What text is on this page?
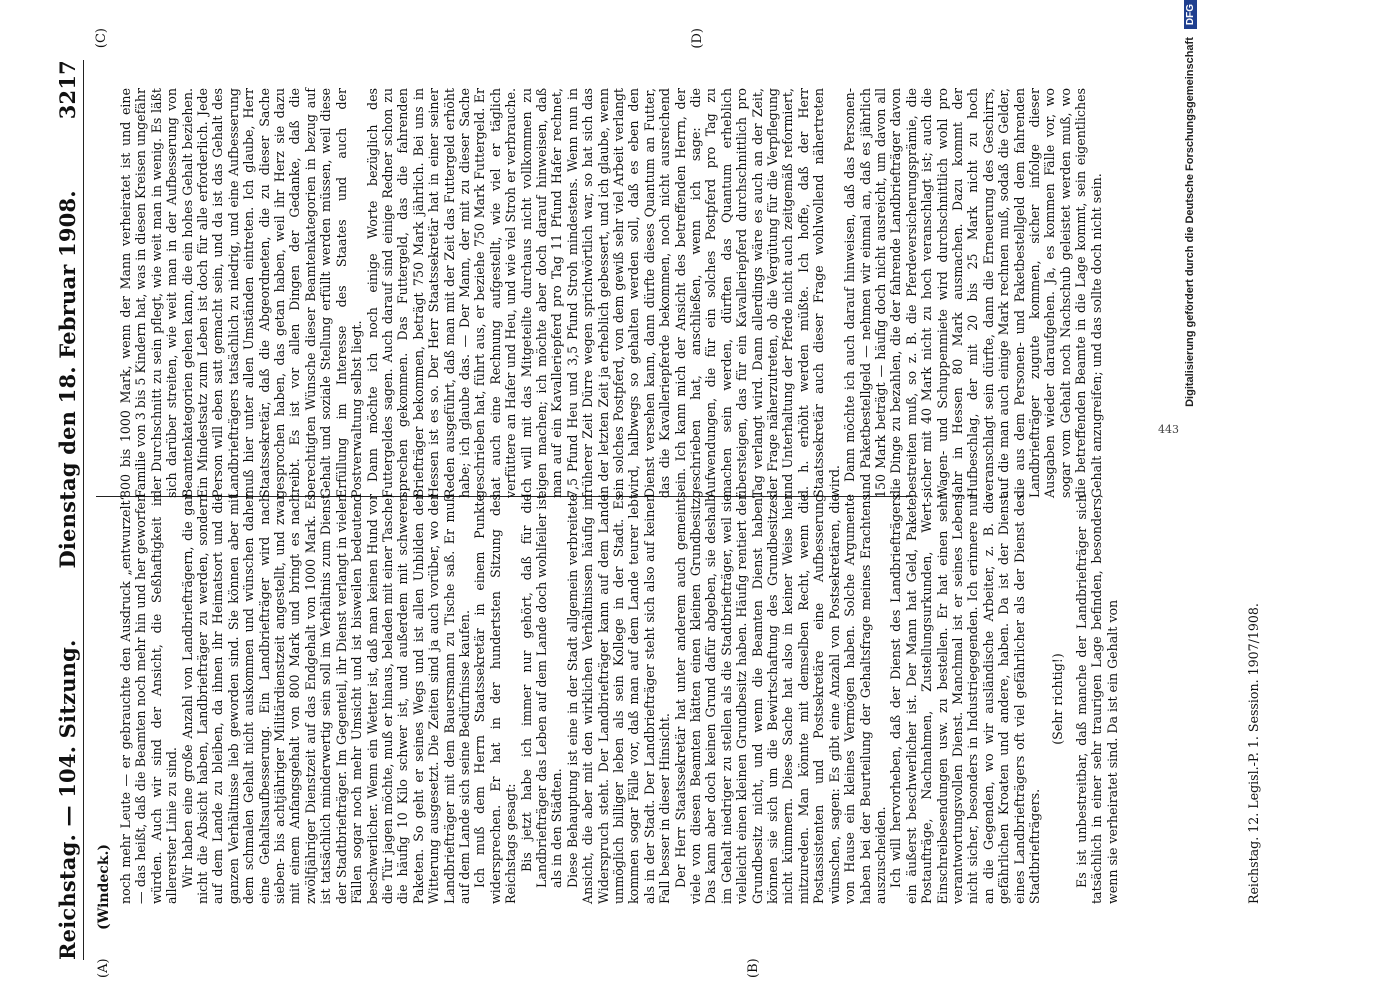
Reichstag. — 104. Sitzung.
Dienstag den 18. Februar 1908.
3217
(Windeck.)
(A)	(B)
(C)	(D)

noch mehr Leute — er gebrauchte den Ausdruck „entwurzelt“ — das heißt, daß die Beamten noch mehr hin und her geworfen würden. Auch wir sind der Ansicht, die Seßhaftigkeit in allererster Linie zu sind. Wir haben eine große Anzahl von Landbriefträgern, die gar nicht die Absicht haben, Landbriefträger zu werden, sondern auf dem Lande zu bleiben, da ihnen ihr Heimatsort und die ganzen Verhältnisse lieb geworden sind. Sie können aber mit dem schmalen Gehalt nicht auskommen und wünschen daher eine Gehaltsaufbesserung. Ein Landbriefträger wird nach sieben- bis achtjähriger Militärdienstzeit angestellt, und zwar mit einem Anfangsgehalt von 800 Mark und bringt es nach zwölfjähriger Dienstzeit auf das Endgehalt von 1000 Mark. Es ist tatsächlich minderwertig sein soll im Verhältnis zum Dienst der Stadtbriefträger. Im Gegenteil, ihr Dienst verlangt in vielen Fällen sogar noch mehr Umsicht und ist bisweilen bedeutend beschwerlicher. Wenn ein Wetter ist, daß man keinen Hund vor die Tür jagen möchte, muß er hinaus, beladen mit einer Tasche, die häufig 10 Kilo schwer ist, und außerdem mit schweren Paketen. So geht er seines Wegs und ist allen Unbilden der Witterung ausgesetzt. Die Zeiten sind ja auch vorüber, wo der Landbriefträger mit dem Bauersmann zu Tische saß. Er muß auf dem Lande sich seine Bedürfnisse kaufen. Ich muß dem Herrn Staatssekretär in einem Punkte widersprechen. Er hat in der hundertsten Sitzung des Reichstags gesagt: Bis jetzt habe ich immer nur gehört, daß für die Landbriefträger das Leben auf dem Lande doch wohlfeiler ist als in den Städten. Diese Behauptung ist eine in der Stadt allgemein verbreitete Ansicht, die aber mit den wirklichen Verhältnissen häufig im Widerspruch steht. Der Landbriefträger kann auf dem Lande unmöglich billiger leben als sein Kollege in der Stadt. Es kommen sogar Fälle vor, daß man auf dem Lande teurer lebt als in der Stadt. Der Landbriefträger steht sich also auf keinen Fall besser in dieser Hinsicht. Der Herr Staatssekretär hat unter anderem auch gemeint, viele von diesen Beamten hätten einen kleinen Grundbesitz. Das kann aber doch keinen Grund dafür abgeben, sie deshalb im Gehalt niedriger zu stellen als die Stadtbriefträger, weil sie vielleicht einen kleinen Grundbesitz haben. Häufig rentiert der Grundbesitz nicht, und wenn die Beamten Dienst haben, können sie sich um die Bewirtschaftung des Grundbesitzes nicht kümmern. Diese Sache hat also in keiner Weise hier mitzureden. Man könnte mit demselben Recht, wenn die Postassistenten und Postsekretäre eine Aufbesserung wünschen, sagen: Es gibt eine Anzahl von Postsekretären, die von Hause ein kleines Vermögen haben. Solche Argumente haben bei der Beurteilung der Gehaltsfrage meines Erachtens auszuscheiden. Ich will hervorheben, daß der Dienst des Landbriefträgers ein äußerst beschwerlicher ist. Der Mann hat Geld, Pakete, Postaufträge, Nachnahmen, Zustellungsurkunden, Wert-, Einschreibesendungen usw. zu bestellen. Er hat einen sehr verantwortungsvollen Dienst. Manchmal ist er seines Lebens nicht sicher, besonders in Industriegegenden. Ich erinnere nur an die Gegenden, wo wir ausländische Arbeiter, z. B. die gefährlichen Kroaten und andere, haben. Da ist der Dienst eines Landbriefträgers oft viel gefährlicher als der Dienst des Stadtbriefträgers.

(Sehr richtig!) Es ist unbestreitbar, daß manche der Landbriefträger sich tatsächlich in einer sehr traurigen Lage befinden, besonders, wenn sie verheiratet sind. Da ist ein Gehalt von

800 bis 1000 Mark, wenn der Mann verheiratet ist und eine Familie von 3 bis 5 Kindern hat, was in diesen Kreisen ungefähr der Durchschnitt zu sein pflegt, wie weit man in wenig. Es läßt sich darüber streiten, wie weit man in der Aufbesserung von Beamtenkategorien gehen kann, die ein hohes Gehalt beziehen. Ein Mindestsatz zum Leben ist doch für alle erforderlich. Jede Person will eben satt gemacht sein, und da ist das Gehalt des Landbriefträgers tatsächlich zu niedrig, und eine Aufbesserung muß hier unter allen Umständen eintreten. Ich glaube, Herr Staatssekretär, daß die Abgeordneten, die zu dieser Sache gesprochen haben, das getan haben, weil ihr Herz sie dazu treibt. Es ist vor allen Dingen der Gedanke, daß die berechtigten Wünsche dieser Beamtenkategorien in bezug auf Gehalt und soziale Stellung erfüllt werden müssen, weil diese Erfüllung im Interesse des Staates und auch der Postverwaltung selbst liegt. Dann möchte ich noch einige Worte bezüglich des Futtergeldes sagen. Auch darauf sind einige Redner schon zu sprechen gekommen. Das Futtergeld, das die fahrenden Briefträger bekommen, beträgt 750 Mark jährlich. Bei uns in Hessen ist es so. Der Herr Staatssekretär hat in einer seiner Reden ausgeführt, daß man mit der Zeit das Futtergeld erhöht habe; ich glaube das. — Der Mann, der mit zu dieser Sache geschrieben hat, führt aus, er beziehe 750 Mark Futtergeld. Er hat auch eine Rechnung aufgestellt, wie viel er täglich verfüttere an Hafer und Heu, und wie viel Stroh er verbrauche. Ich will mit das Mitgeteilte durchaus nicht vollkommen zu eigen machen; ich möchte aber doch darauf hinweisen, daß man auf ein Kavalleriepferd pro Tag 11 Pfund Hafer rechnet, 7,5 Pfund Heu und 3,5 Pfund Stroh mindestens. Wenn nun in früherer Zeit Dürre wegen sprichwörtlich war, so hat sich das in der letzten Zeit ja erheblich gebessert, und ich glaube, wenn ein solches Postpferd, von dem gewiß sehr viel Arbeit verlangt wird, halbwegs so gehalten werden soll, daß es eben den Dienst versehen kann, dann dürfte dieses Quantum an Futter, das die Kavalleriepferde bekommen, noch nicht ausreichend sein. Ich kann mich der Ansicht des betreffenden Herrn, der geschrieben hat, anschließen, wenn ich sage: die Aufwendungen, die für ein solches Postpferd pro Tag zu machen sein werden, dürften das Quantum erheblich übersteigen, das für ein Kavalleriepferd durchschnittlich pro Tag verlangt wird. Dann allerdings wäre es auch an der Zeit, der Frage näherzutreten, ob die Vergütung für die Verpflegung und Unterhaltung der Pferde nicht auch zeitgemäß reformiert, d. h. erhöht werden müßte. Ich hoffe, daß der Herr Staatssekretär auch dieser Frage wohlwollend nähertreten wird. Dann möchte ich auch darauf hinweisen, daß das Personen- und Paketbestellgeld — nehmen wir einmal an, daß es jährlich 150 Mark beträgt — häufig doch nicht ausreicht, um davon all die Dinge zu bezahlen, die der fahrende Landbriefträger davon bestreiten muß, so z. B. die Pferdeversicherungsprämie, die sicher mit 40 Mark nicht zu hoch veranschlagt ist; auch die Wagen- und Schuppenmiete wird durchschnittlich wohl pro Jahr in Hessen 80 Mark ausmachen. Dazu kommt der Hufbeschlag, der mit 20 bis 25 Mark nicht zu hoch veranschlagt sein dürfte, dann die Erneuerung des Geschirrs, auf die man auch einige Mark rechnen muß, sodaß die Gelder, die aus dem Personen- und Paketbestellgeld dem fahrenden Landbriefträger zugute kommen, sicher infolge dieser Ausgaben wieder daraufgehen. Ja, es kommen Fälle vor, wo sogar vom Gehalt noch Nachschub geleistet werden muß, wo die betreffenden Beamte in die Lage kommt, sein eigentliches Gehalt anzugreifen; und das sollte doch nicht sein.

Reichstag. 12. Legisl.-P. 1. Session. 1907/1908.
443
Digitalisierung gefördert durch die Deutsche Forschungsgemeinschaft
DFG
